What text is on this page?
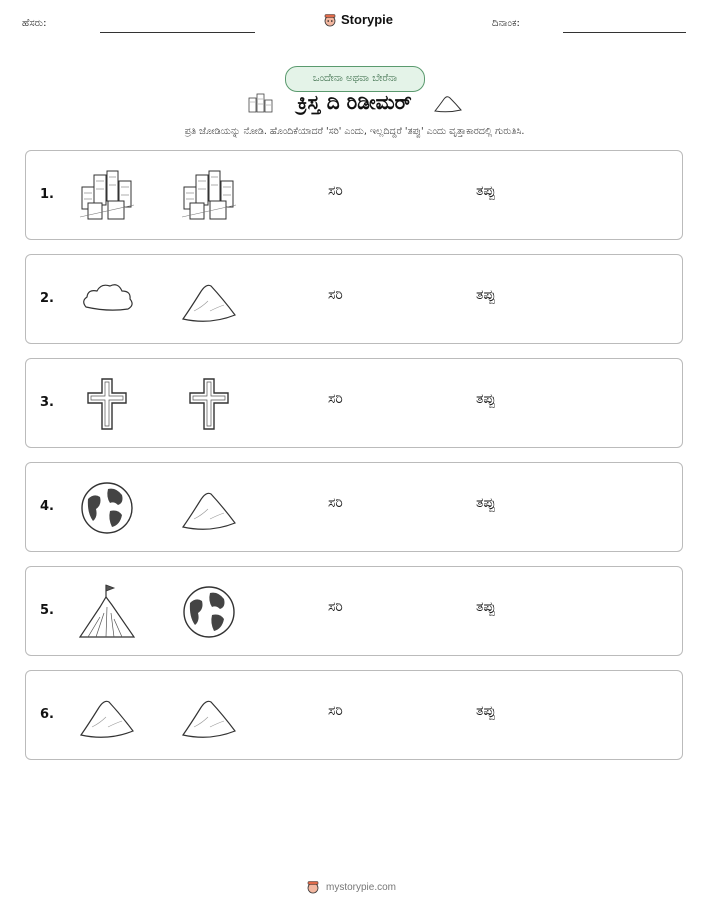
ಹೆಸರು:	Storypie	ದಿನಾಂಕ:
ಒಂದೇನಾ ಅಥವಾ ಬೇರೆನಾ
ಕ್ರಿಸ್ತ ದಿ ರಿಡೀಮರ್
ಪ್ರತಿ ಜೋಡಿಯನ್ನು ನೋಡಿ. ಹೊಂದಿಕೆಯಾದರೆ 'ಸರಿ' ಎಂದು, ಇಲ್ಲದಿದ್ದರೆ 'ತಪ್ಪು' ಎಂದು ವೃತ್ತಾಕಾರದಲ್ಲಿ ಗುರುತಿಸಿ.
1.	ಸರಿ	ತಪ್ಪು
2.	ಸರಿ	ತಪ್ಪು
3.	ಸರಿ	ತಪ್ಪು
4.	ಸರಿ	ತಪ್ಪು
5.	ಸರಿ	ತಪ್ಪು
6.	ಸರಿ	ತಪ್ಪು
mystorypie.com
